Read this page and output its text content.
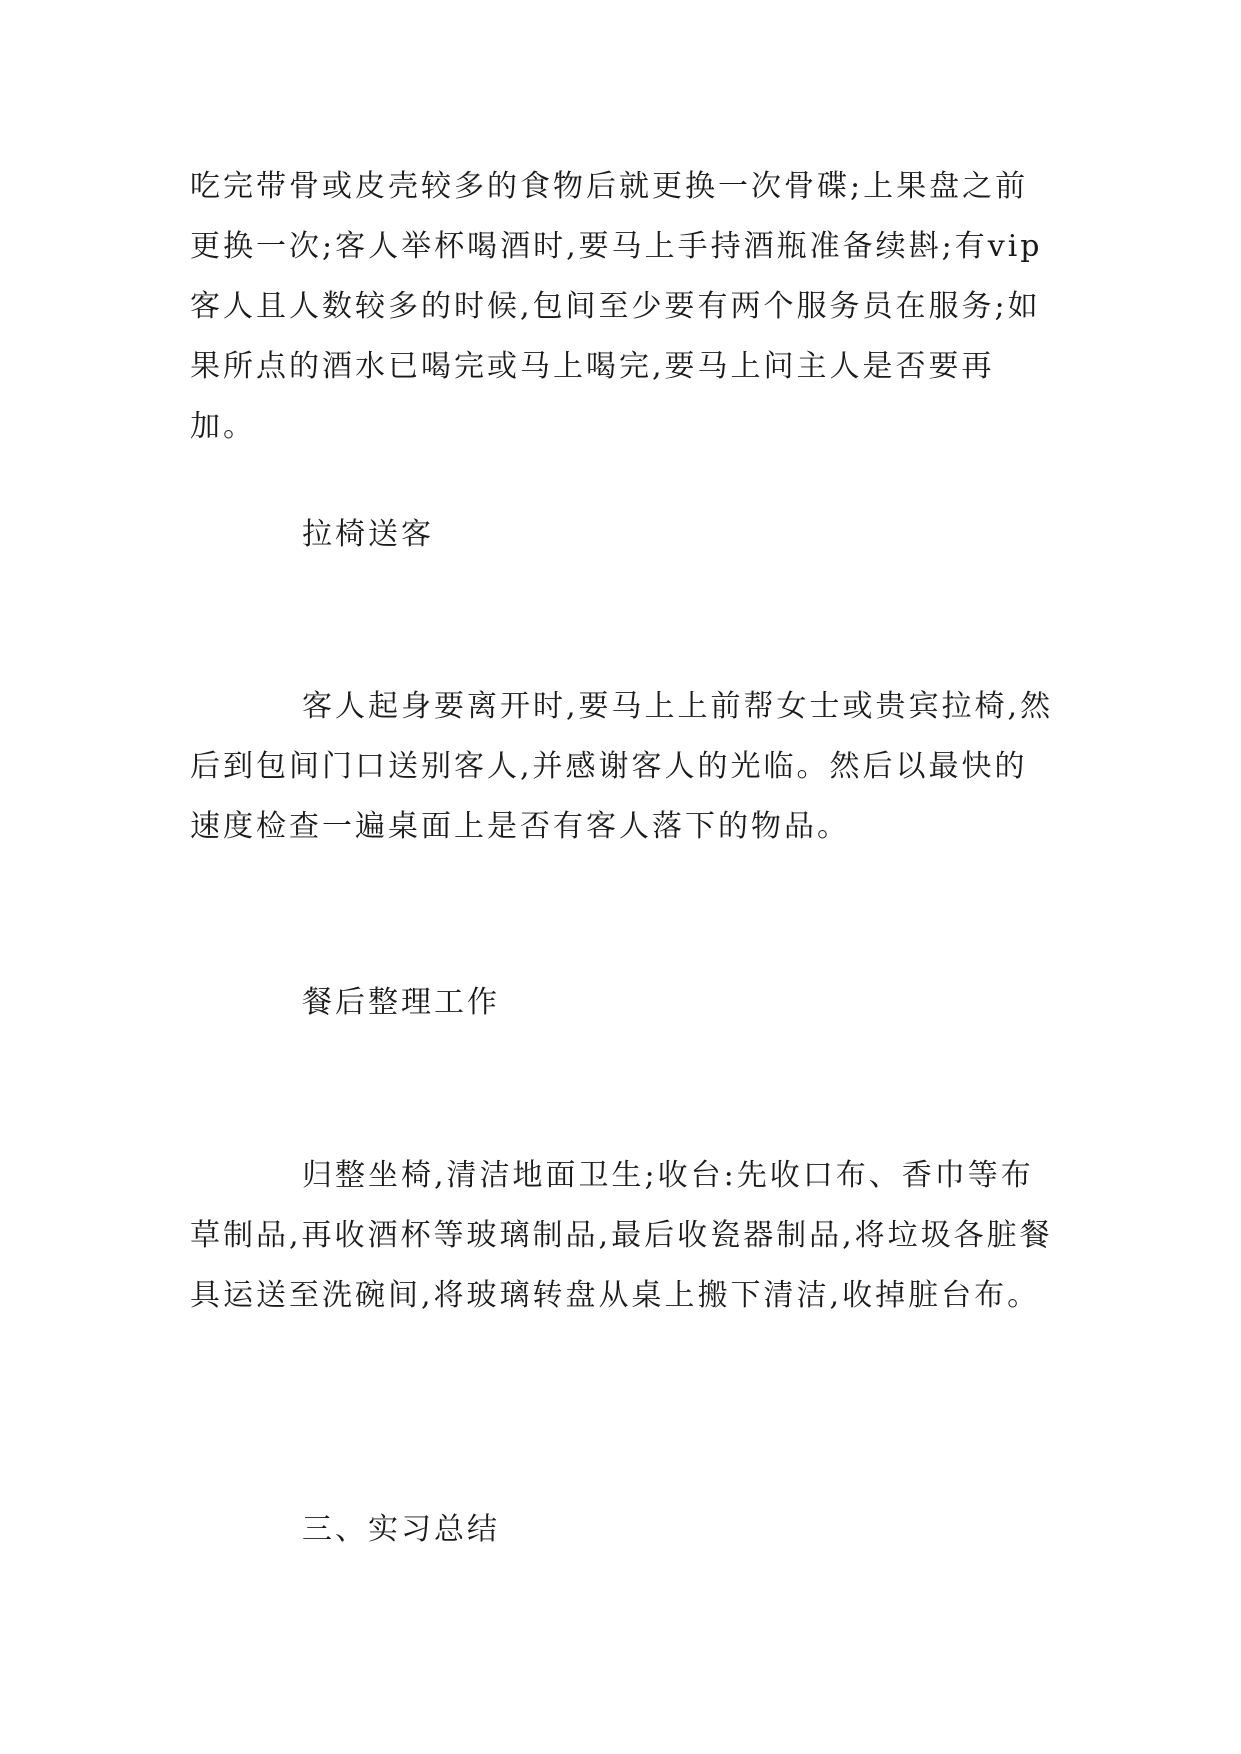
吃完带骨或皮壳较多的食物后就更换一次骨碟;上果盘之前更换一次;客人举杯喝酒时,要马上手持酒瓶准备续斟;有vip客人且人数较多的时候,包间至少要有两个服务员在服务;如果所点的酒水已喝完或马上喝完,要马上问主人是否要再加。

拉椅送客

客人起身要离开时,要马上上前帮女士或贵宾拉椅,然后到包间门口送别客人,并感谢客人的光临。然后以最快的速度检查一遍桌面上是否有客人落下的物品。

餐后整理工作

归整坐椅,清洁地面卫生;收台:先收口布、香巾等布草制品,再收酒杯等玻璃制品,最后收瓷器制品,将垃圾各脏餐具运送至洗碗间,将玻璃转盘从桌上搬下清洁,收掉脏台布。

三、实习总结
